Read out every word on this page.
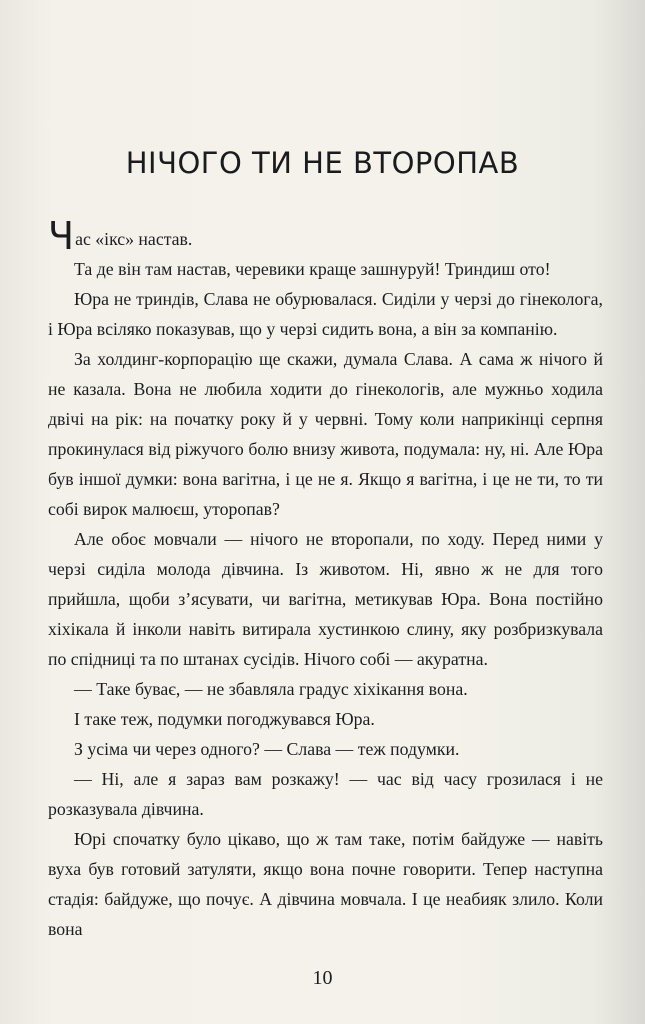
НІЧОГО ТИ НЕ ВТОРОПАВ

Час «ікс» настав.

Та де він там настав, черевики краще зашнуруй! Триндиш ото!

Юра не триндів, Слава не обурювалася. Сиділи у черзі до гінеколога, і Юра всіляко показував, що у черзі сидить вона, а він за компанію.

За холдинг-корпорацію ще скажи, думала Слава. А сама ж нічого й не казала. Вона не любила ходити до гінекологів, але мужньо ходила двічі на рік: на початку року й у червні. Тому коли наприкінці серпня прокинулася від ріжучого болю внизу живота, подумала: ну, ні. Але Юра був іншої думки: вона вагітна, і це не я. Якщо я вагітна, і це не ти, то ти собі вирок малюєш, уторопав?

Але обоє мовчали — нічого не второпали, по ходу. Перед ними у черзі сиділа молода дівчина. Із животом. Ні, явно ж не для того прийшла, щоби з’ясувати, чи вагітна, метикував Юра. Вона постійно хіхікала й інколи навіть витирала хустинкою слину, яку розбризкувала по спідниці та по штанах сусідів. Нічого собі — акуратна.

— Таке буває, — не збавляла градус хіхікання вона.

І таке теж, подумки погоджувався Юра.

З усіма чи через одного? — Слава — теж подумки.

— Ні, але я зараз вам розкажу! — час від часу грозилася і не розказувала дівчина.

Юрі спочатку було цікаво, що ж там таке, потім байдуже — навіть вуха був готовий затуляти, якщо вона почне говорити. Тепер наступна стадія: байдуже, що почує. А дівчина мовчала. І це неабияк злило. Коли вона

10
